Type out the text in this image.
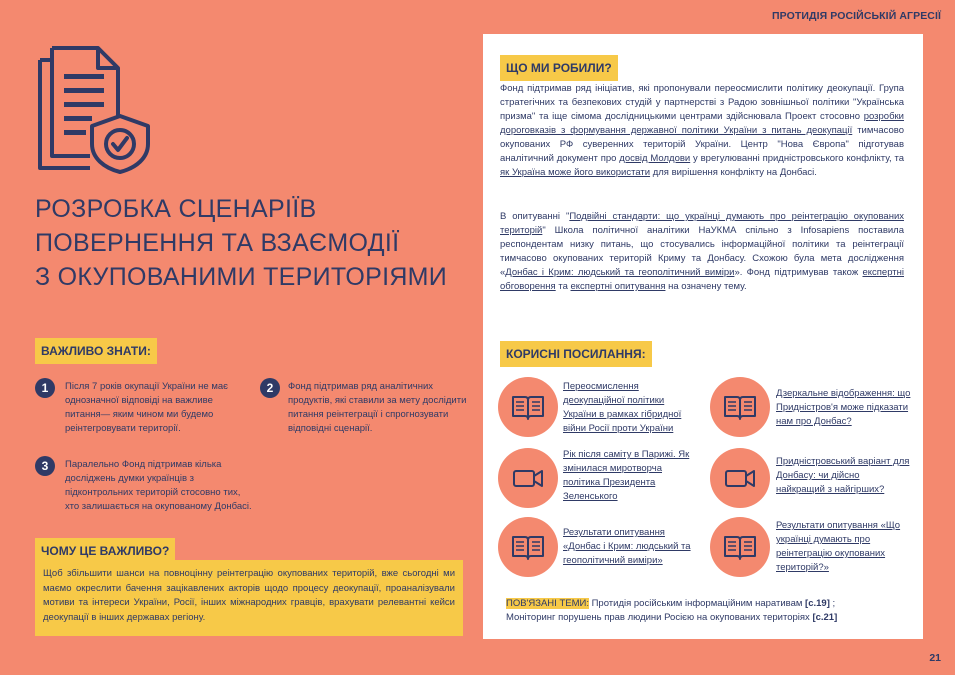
ПРОТИДІЯ РОСІЙСЬКІЙ АГРЕСІЇ
РОЗРОБКА СЦЕНАРІЇВ
ПОВЕРНЕННЯ ТА ВЗАЄМОДІЇ
З ОКУПОВАНИМИ ТЕРИТОРІЯМИ
ВАЖЛИВО ЗНАТИ:
1	Після 7 років окупації України не має однозначної відповіді на важливе питання— яким чином ми будемо реінтегровувати території.
2	Фонд підтримав ряд аналітичних продуктів, які ставили за мету дослідити питання реінтеграції і спрогнозувати відповідні сценарії.
3	Паралельно Фонд підтримав кілька досліджень думки українців з підконтрольних територій стосовно тих, хто залишається на окупованому Донбасі.
ЧОМУ ЦЕ ВАЖЛИВО?
Щоб збільшити шанси на повноцінну реінтеграцію окупованих територій, вже сьогодні ми маємо окреслити бачення зацікавлених акторів щодо процесу деокупації, проаналізували мотиви та інтереси України, Росії, інших міжнародних гравців, врахувати релевантні кейси деокупації в інших державах регіону.
ЩО МИ РОБИЛИ?
Фонд підтримав ряд ініціатив, які пропонували переосмислити політику деокупації. Група стратегічних та безпекових студій у партнерстві з Радою зовнішньої політики "Українська призма" та іще сімома дослідницькими центрами здійснювала Проект стосовно розробки дороговказів з формування державної політики України з питань деокупації тимчасово окупованих РФ суверенних територій України. Центр "Нова Європа" підготував аналітичний документ про досвід Молдови у врегулюванні придністровського конфлікту, та як Україна може його використати для вирішення конфлікту на Донбасі.
В опитуванні "Подвійні стандарти: що українці думають про реінтеграцію окупованих територій" Школа політичної аналітики НаУКМА спільно з Infosapiens поставила респондентам низку питань, що стосувались інформаційної політики та реінтеграції тимчасово окупованих територій Криму та Донбасу. Схожою була мета дослідження «Донбас і Крим: людський та геополітичний виміри». Фонд підтримував також експертні обговорення та експертні опитування на означену тему.
КОРИСНІ ПОСИЛАННЯ:
Переосмислення деокупаційної політики України в рамках гібридної війни Росії проти України
Дзеркальне відображення: що Придністров'я може підказати нам про Донбас?
Рік після саміту в Парижі. Як змінилася миротворча політика Президента Зеленського
Придністровський варіант для Донбасу: чи дійсно найкращий з найгірших?
Результати опитування «Донбас і Крим: людський та геополітичний виміри»
Результати опитування «Що українці думають про реінтеграцію окупованих територій?»
ПОВ'ЯЗАНІ ТЕМИ: Протидія російським інформаційним наративам [с.19] ;
Моніторинг порушень прав людини Росією на окупованих територіях [с.21]
21
